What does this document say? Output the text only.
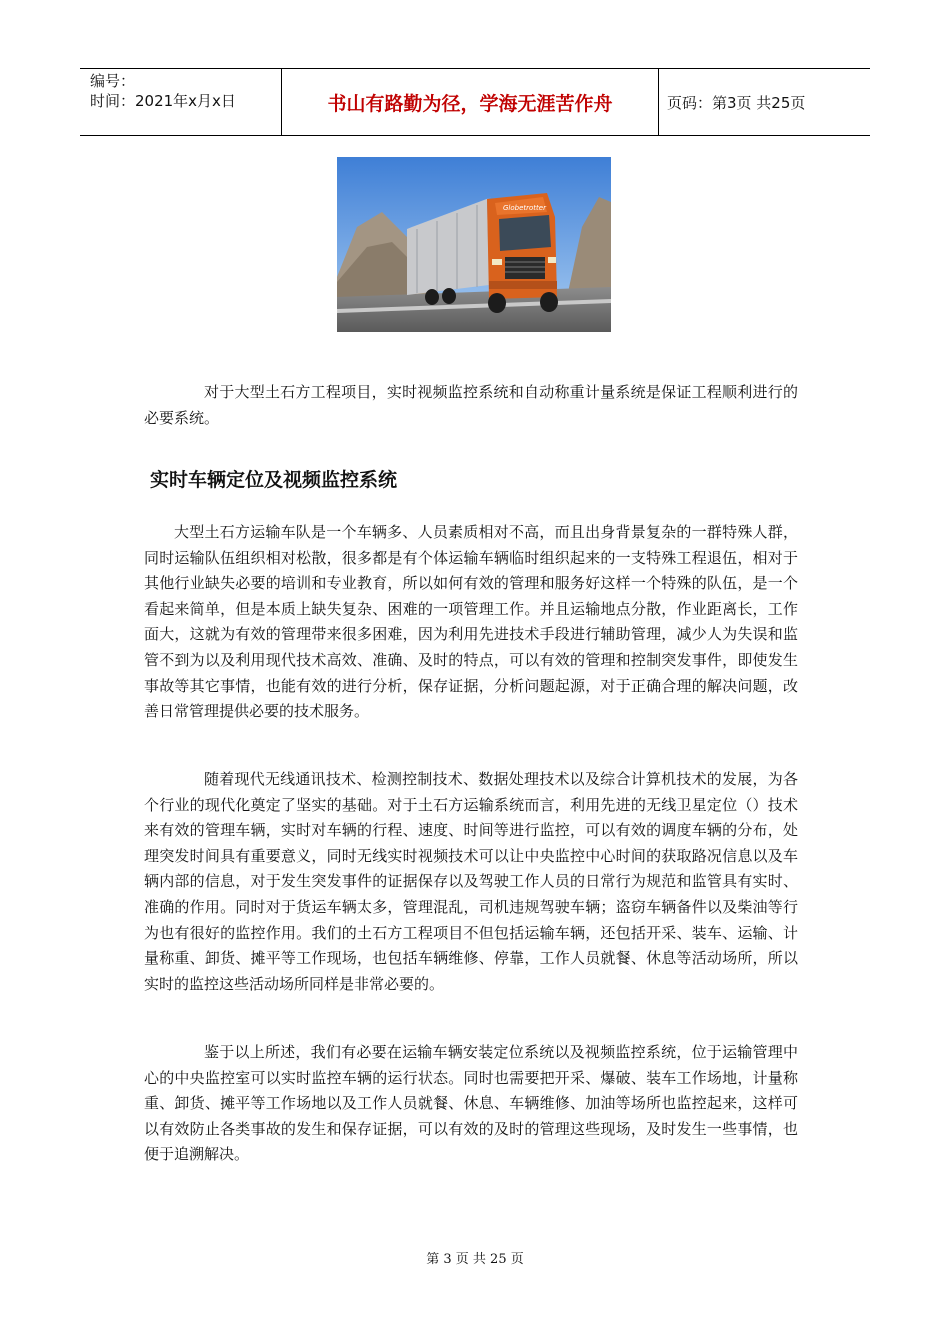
编号：
时间：2021年x月x日	书山有路勤为径，学海无涯苦作舟	页码：第3页 共25页
Globetrotter

对于大型土石方工程项目，实时视频监控系统和自动称重计量系统是保证工程顺利进行的必要系统。

实时车辆定位及视频监控系统

大型土石方运输车队是一个车辆多、人员素质相对不高，而且出身背景复杂的一群特殊人群，同时运输队伍组织相对松散，很多都是有个体运输车辆临时组织起来的一支特殊工程退伍，相对于其他行业缺失必要的培训和专业教育，所以如何有效的管理和服务好这样一个特殊的队伍，是一个看起来简单，但是本质上缺失复杂、困难的一项管理工作。并且运输地点分散，作业距离长，工作面大，这就为有效的管理带来很多困难，因为利用先进技术手段进行辅助管理，减少人为失误和监管不到为以及利用现代技术高效、准确、及时的特点，可以有效的管理和控制突发事件，即使发生事故等其它事情，也能有效的进行分析，保存证据，分析问题起源，对于正确合理的解决问题，改善日常管理提供必要的技术服务。

随着现代无线通讯技术、检测控制技术、数据处理技术以及综合计算机技术的发展，为各个行业的现代化奠定了坚实的基础。对于土石方运输系统而言，利用先进的无线卫星定位（）技术来有效的管理车辆，实时对车辆的行程、速度、时间等进行监控，可以有效的调度车辆的分布，处理突发时间具有重要意义，同时无线实时视频技术可以让中央监控中心时间的获取路况信息以及车辆内部的信息，对于发生突发事件的证据保存以及驾驶工作人员的日常行为规范和监管具有实时、准确的作用。同时对于货运车辆太多，管理混乱，司机违规驾驶车辆；盗窃车辆备件以及柴油等行为也有很好的监控作用。我们的土石方工程项目不但包括运输车辆，还包括开采、装车、运输、计量称重、卸货、摊平等工作现场，也包括车辆维修、停靠，工作人员就餐、休息等活动场所，所以实时的监控这些活动场所同样是非常必要的。

鉴于以上所述，我们有必要在运输车辆安装定位系统以及视频监控系统，位于运输管理中心的中央监控室可以实时监控车辆的运行状态。同时也需要把开采、爆破、装车工作场地，计量称重、卸货、摊平等工作场地以及工作人员就餐、休息、车辆维修、加油等场所也监控起来，这样可以有效防止各类事故的发生和保存证据，可以有效的及时的管理这些现场，及时发生一些事情，也便于追溯解决。

第 3 页 共 25 页
